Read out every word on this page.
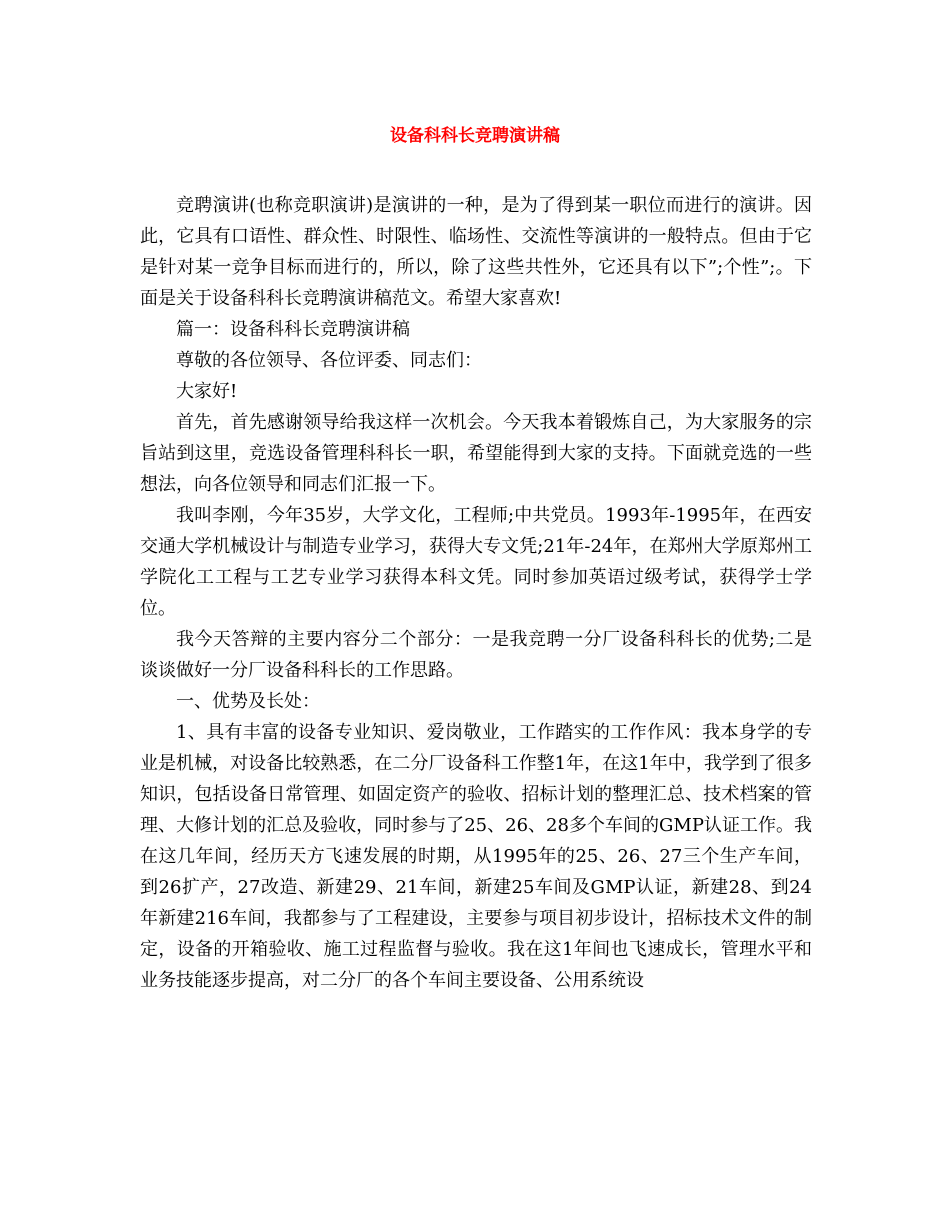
设备科科长竞聘演讲稿

竞聘演讲(也称竞职演讲)是演讲的一种，是为了得到某一职位而进行的演讲。因此，它具有口语性、群众性、时限性、临场性、交流性等演讲的一般特点。但由于它是针对某一竞争目标而进行的，所以，除了这些共性外，它还具有以下”;个性”;。下面是关于设备科科长竞聘演讲稿范文。希望大家喜欢!

篇一：设备科科长竞聘演讲稿

尊敬的各位领导、各位评委、同志们：

大家好!

首先，首先感谢领导给我这样一次机会。今天我本着锻炼自己，为大家服务的宗旨站到这里，竞选设备管理科科长一职，希望能得到大家的支持。下面就竞选的一些想法，向各位领导和同志们汇报一下。

我叫李刚，今年35岁，大学文化，工程师;中共党员。1993年-1995年，在西安交通大学机械设计与制造专业学习，获得大专文凭;21年-24年，在郑州大学原郑州工学院化工工程与工艺专业学习获得本科文凭。同时参加英语过级考试，获得学士学位。

我今天答辩的主要内容分二个部分：一是我竞聘一分厂设备科科长的优势;二是谈谈做好一分厂设备科科长的工作思路。

一、优势及长处：

1、具有丰富的设备专业知识、爱岗敬业，工作踏实的工作作风：我本身学的专业是机械，对设备比较熟悉，在二分厂设备科工作整1年，在这1年中，我学到了很多知识，包括设备日常管理、如固定资产的验收、招标计划的整理汇总、技术档案的管理、大修计划的汇总及验收，同时参与了25、26、28多个车间的GMP认证工作。我在这几年间，经历天方飞速发展的时期，从1995年的25、26、27三个生产车间，到26扩产，27改造、新建29、21车间，新建25车间及GMP认证，新建28、到24年新建216车间，我都参与了工程建设，主要参与项目初步设计，招标技术文件的制定，设备的开箱验收、施工过程监督与验收。我在这1年间也飞速成长，管理水平和业务技能逐步提高，对二分厂的各个车间主要设备、公用系统设
